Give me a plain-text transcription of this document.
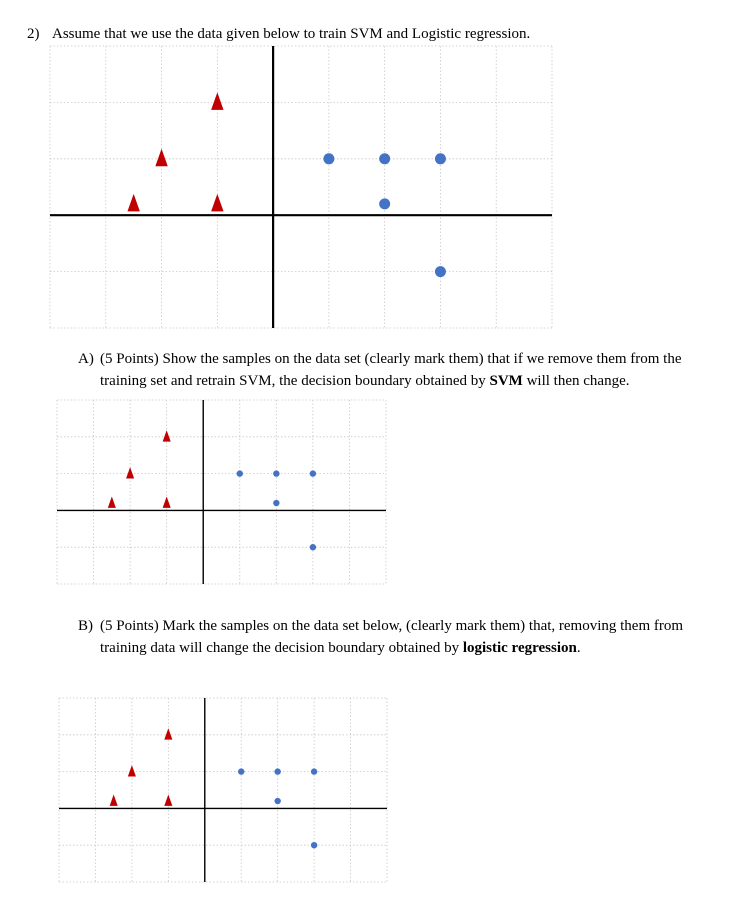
2) Assume that we use the data given below to train SVM and Logistic regression.
A) (5 Points) Show the samples on the data set (clearly mark them) that if we remove them from the training set and retrain SVM, the decision boundary obtained by SVM will then change.
B) (5 Points) Mark the samples on the data set below, (clearly mark them) that, removing them from training data will change the decision boundary obtained by logistic regression.
